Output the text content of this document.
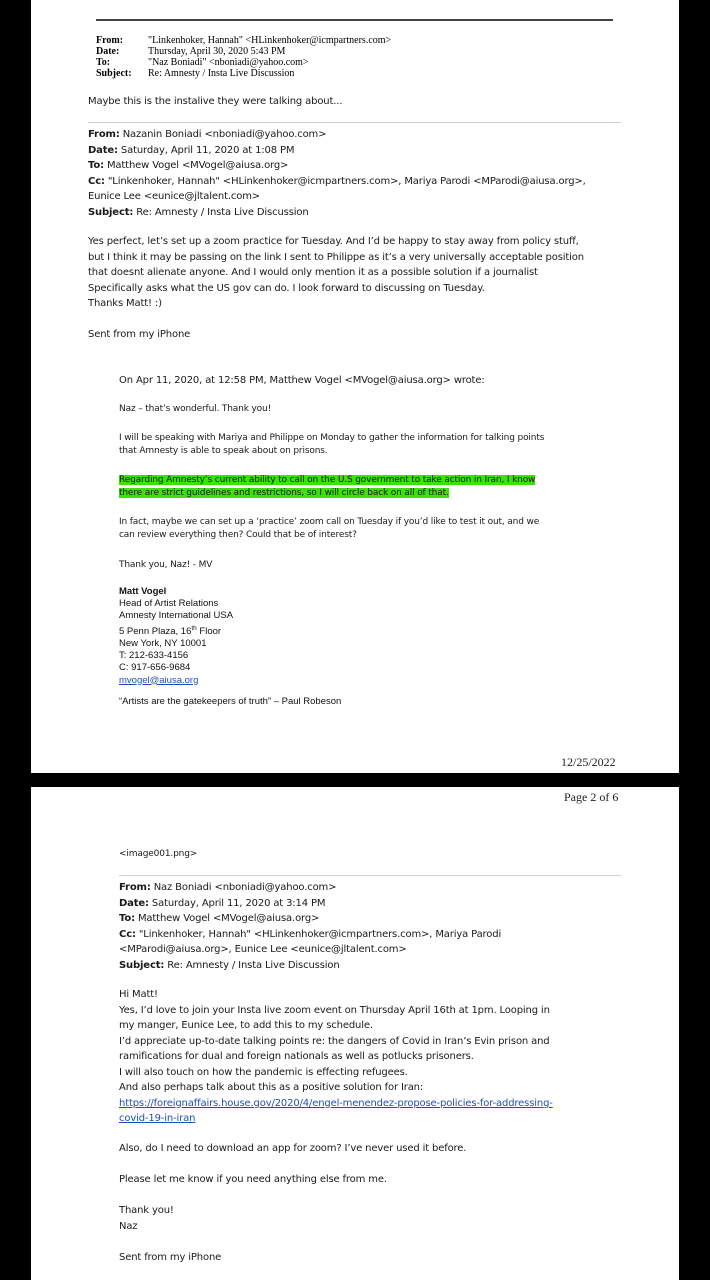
From: "Linkenhoker, Hannah" <HLinkenhoker@icmpartners.com>
Date:	Thursday, April 30, 2020 5:43 PM
To:	"Naz Boniadi" <nboniadi@yahoo.com>
Subject: Re: Amnesty / Insta Live Discussion
Maybe this is the instalive they were talking about...
From: Nazanin Boniadi <nboniadi@yahoo.com>
Date: Saturday, April 11, 2020 at 1:08 PM
To: Matthew Vogel <MVogel@aiusa.org>
Cc: "Linkenhoker, Hannah" <HLinkenhoker@icmpartners.com>, Mariya Parodi <MParodi@aiusa.org>,
Eunice Lee <eunice@jltalent.com>
Subject: Re: Amnesty / Insta Live Discussion
Yes perfect, let’s set up a zoom practice for Tuesday. And I’d be happy to stay away from policy stuff,
but I think it may be passing on the link I sent to Philippe as it’s a very universally acceptable position
that doesnt alienate anyone. And I would only mention it as a possible solution if a journalist
Specifically asks what the US gov can do. I look forward to discussing on Tuesday.
Thanks Matt! :)
Sent from my iPhone
On Apr 11, 2020, at 12:58 PM, Matthew Vogel <MVogel@aiusa.org> wrote:
Naz – that’s wonderful. Thank you!
I will be speaking with Mariya and Philippe on Monday to gather the information for talking points
that Amnesty is able to speak about on prisons.
Regarding Amnesty’s current ability to call on the U.S government to take action in Iran, I know
there are strict guidelines and restrictions, so I will circle back on all of that.
In fact, maybe we can set up a ‘practice’ zoom call on Tuesday if you’d like to test it out, and we
can review everything then? Could that be of interest?
Thank you, Naz! - MV
Matt Vogel
Head of Artist Relations
Amnesty International USA
5 Penn Plaza, 16th Floor
New York, NY 10001
T: 212-633-4156
C: 917-656-9684
mvogel@aiusa.org
“Artists are the gatekeepers of truth” – Paul Robeson
12/25/2022
Page 2 of 6
<image001.png>
From: Naz Boniadi <nboniadi@yahoo.com>
Date: Saturday, April 11, 2020 at 3:14 PM
To: Matthew Vogel <MVogel@aiusa.org>
Cc: "Linkenhoker, Hannah" <HLinkenhoker@icmpartners.com>, Mariya Parodi
<MParodi@aiusa.org>, Eunice Lee <eunice@jltalent.com>
Subject: Re: Amnesty / Insta Live Discussion
Hi Matt!
Yes, I’d love to join your Insta live zoom event on Thursday April 16th at 1pm. Looping in
my manger, Eunice Lee, to add this to my schedule.
I’d appreciate up-to-date talking points re: the dangers of Covid in Iran’s Evin prison and
ramifications for dual and foreign nationals as well as potlucks prisoners.
I will also touch on how the pandemic is effecting refugees.
And also perhaps talk about this as a positive solution for Iran:
https://foreignaffairs.house.gov/2020/4/engel-menendez-propose-policies-for-addressing-
covid-19-in-iran
Also, do I need to download an app for zoom? I’ve never used it before.
Please let me know if you need anything else from me.
Thank you!
Naz
Sent from my iPhone
